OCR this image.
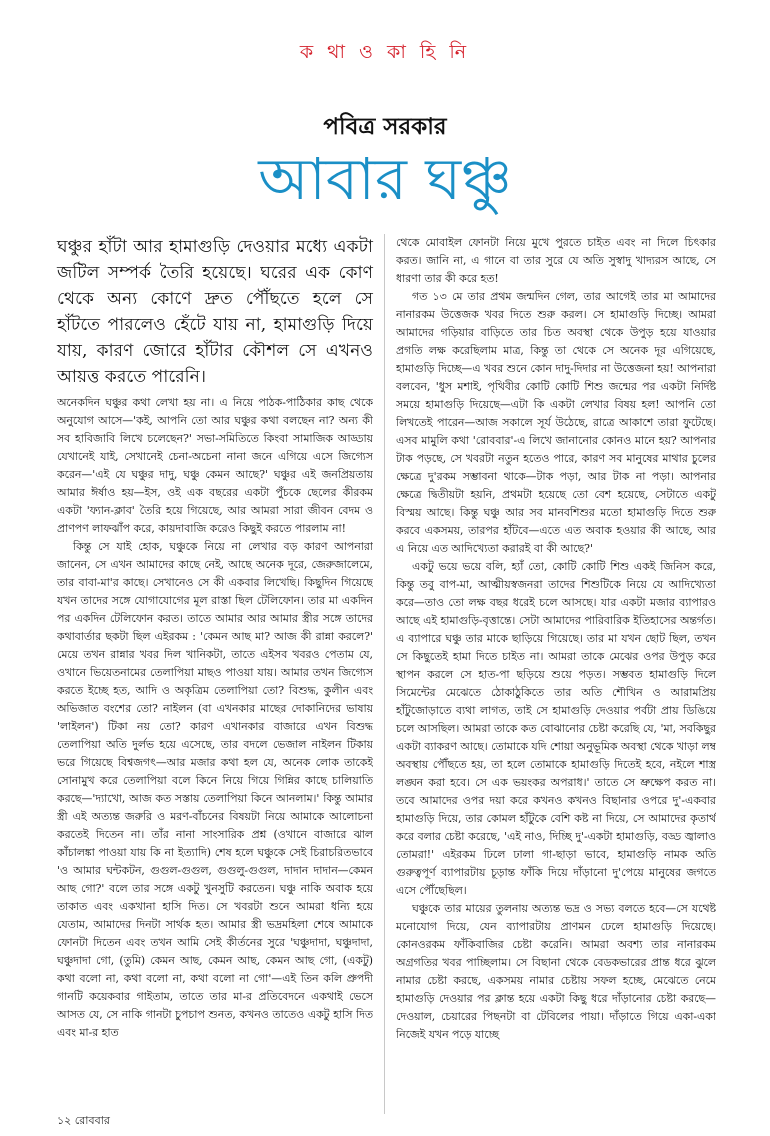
ক থা ও কা হি নি
পবিত্র সরকার
আবার ঘঞ্চু
ঘঞ্চুর হাঁটা আর হামাগুড়ি দেওয়ার মধ্যে একটা জটিল সম্পর্ক তৈরি হয়েছে। ঘরের এক কোণ থেকে অন্য কোণে দ্রুত পৌঁছতে হলে সে হাঁটতে পারলেও হেঁটে যায় না, হামাগুড়ি দিয়ে যায়, কারণ জোরে হাঁটার কৌশল সে এখনও আয়ত্ত করতে পারেনি।

অনেকদিন ঘঞ্চুর কথা লেখা হয় না। এ নিয়ে পাঠক-পাঠিকার কাছ থেকে অনুযোগ আসে—'কই, আপনি তো আর ঘঞ্চুর কথা বলছেন না? অন্য কী সব হাবিজাবি লিখে চলেছেন?' সভা-সমিতিতে কিংবা সামাজিক আড্ডায় যেখানেই যাই, সেখানেই চেনা-অচেনা নানা জনে এগিয়ে এসে জিগ্যেস করেন—'এই যে ঘঞ্চুর দাদু, ঘঞ্চু কেমন আছে?' ঘঞ্চুর এই জনপ্রিয়তায় আমার ঈর্ষাও হয়—ইস, ওই এক বছরের একটা পুঁচকে ছেলের কীরকম একটা 'ফ্যান-ক্লাব' তৈরি হয়ে গিয়েছে, আর আমরা সারা জীবন বেদম ও প্রাণপণ লাফঝাঁপ করে, কায়দাবাজি করেও কিছুই করতে পারলাম না!

কিন্তু সে যাই হোক, ঘঞ্চুকে নিয়ে না লেখার বড় কারণ আপনারা জানেন, সে এখন আমাদের কাছে নেই, আছে অনেক দূরে, জেরুজালেমে, তার বাবা-মা'র কাছে। সেখানেও সে কী একবার লিখেছি। কিছুদিন গিয়েছে যখন তাদের সঙ্গে যোগাযোগের মূল রাস্তা ছিল টেলিফোন। তার মা একদিন পর একদিন টেলিফোন করত। তাতে আমার আর আমার স্ত্রীর সঙ্গে তাদের কথাবার্তার ছকটা ছিল এইরকম : 'কেমন আছ মা? আজ কী রান্না করলে?' মেয়ে তখন রান্নার খবর দিল খানিকটা, তাতে এইসব খবরও পেতাম যে, ওখানে ভিয়েতনামের তেলাপিয়া মাছও পাওয়া যায়। আমার তখন জিগ্যেস করতে ইচ্ছে হত, আদি ও অকৃত্রিম তেলাপিয়া তো? বিশুদ্ধ, কুলীন এবং অভিজাত বংশের তো? নাইলন (বা এখনকার মাছের দোকানিদের ভাষায় 'লাইলন') টিকা নয় তো? কারণ এখানকার বাজারে এখন বিশুদ্ধ তেলাপিয়া অতি দুর্লভ হয়ে এসেছে, তার বদলে ভেজাল নাইলন টিকায় ভরে গিয়েছে বিশ্বজগৎ—আর মজার কথা হল যে, অনেক লোক তাকেই সোনামুখ করে তেলাপিয়া বলে কিনে নিয়ে গিয়ে গিন্নির কাছে চালিয়াতি করছে—'দ্যাখো, আজ কত সস্তায় তেলাপিয়া কিনে আনলাম।' কিন্তু আমার স্ত্রী এই অত্যন্ত জরুরি ও মরণ-বাঁচনের বিষয়টা নিয়ে আমাকে আলোচনা করতেই দিতেন না। তাঁর নানা সাংসারিক প্রশ্ন (ওখানে বাজারে ঝাল কাঁচালঙ্কা পাওয়া যায় কি না ইত্যাদি) শেষ হলে ঘঞ্চুকে সেই চিরাচরিতভাবে 'ও আমার ঘন্টকটন, গুগুল-গুগুল, গুগুলু-গুগুল, দাদান দাদান—কেমন আছ গো?' বলে তার সঙ্গে একটু খুনসুটি করতেন। ঘঞ্চু নাকি অবাক হয়ে তাকাত এবং একখানা হাসি দিত। সে খবরটা শুনে আমরা ধন্যি হয়ে যেতাম, আমাদের দিনটা সার্থক হত। আমার স্ত্রী ভদ্রমহিলা শেষে আমাকে ফোনটা দিতেন এবং তখন আমি সেই কীর্তনের সুরে 'ঘঞ্চুদাদা, ঘঞ্চুদাদা, ঘঞ্চুদাদা গো, (তুমি) কেমন আছ, কেমন আছ, কেমন আছ গো, (একটু) কথা বলো না, কথা বলো না, কথা বলো না গো'—এই তিন কলি প্রুপদী গানটি কয়েকবার গাইতাম, তাতে তার মা-র প্রতিবেদনে একথাই ভেসে আসত যে, সে নাকি গানটা চুপচাপ শুনত, কখনও তাতেও একটু হাসি দিত এবং মা-র হাত

থেকে মোবাইল ফোনটা নিয়ে মুখে পুরতে চাইত এবং না দিলে চিৎকার করত। জানি না, এ গানে বা তার সুরে যে অতি সুস্বাদু খাদ্যরস আছে, সে ধারণা তার কী করে হত!

গত ১৩ মে তার প্রথম জন্মদিন গেল, তার আগেই তার মা আমাদের নানারকম উত্তেজক খবর দিতে শুরু করল। সে হামাগুড়ি দিচ্ছে। আমরা আমাদের গড়িয়ার বাড়িতে তার চিত অবস্থা থেকে উপুড় হয়ে যাওয়ার প্রগতি লক্ষ করেছিলাম মাত্র, কিন্তু তা থেকে সে অনেক দূর এগিয়েছে, হামাগুড়ি দিচ্ছে—এ খবর শুনে কোন দাদু-দিদার না উত্তেজনা হয়! আপনারা বলবেন, 'ধুস মশাই, পৃথিবীর কোটি কোটি শিশু জন্মের পর একটা নির্দিষ্ট সময়ে হামাগুড়ি দিয়েছে—এটা কি একটা লেখার বিষয় হল! আপনি তো লিখতেই পারেন—আজ সকালে সূর্য উঠেছে, রাত্রে আকাশে তারা ফুটেছে। এসব মামুলি কথা 'রোববার'-এ লিখে জানানোর কোনও মানে হয়? আপনার টাক পড়ছে, সে খবরটা নতুন হতেও পারে, কারণ সব মানুষের মাথার চুলের ক্ষেত্রে দু'রকম সম্ভাবনা থাকে—টাক পড়া, আর টাক না পড়া। আপনার ক্ষেত্রে দ্বিতীয়টা হয়নি, প্রথমটা হয়েছে তো বেশ হয়েছে, সেটাতে একটু বিস্ময় আছে। কিন্তু ঘঞ্চু আর সব মানবশিশুর মতো হামাগুড়ি দিতে শুরু করবে একসময়, তারপর হাঁটবে—এতে এত অবাক হওয়ার কী আছে, আর এ নিয়ে এত আদিখ্যেতা করারই বা কী আছে?'

একটু ভয়ে ভয়ে বলি, হ্যাঁ তো, কোটি কোটি শিশু একই জিনিস করে, কিন্তু তবু বাপ-মা, আত্মীয়স্বজনরা তাদের শিশুটিকে নিয়ে যে আদিখ্যেতা করে—তাও তো লক্ষ বছর ধরেই চলে আসছে। যার একটা মজার ব্যাপারও আছে এই হামাগুড়ি-বৃত্তান্তে। সেটা আমাদের পারিবারিক ইতিহাসের অন্তর্গত। এ ব্যাপারে ঘঞ্চু তার মাকে ছাড়িয়ে গিয়েছে। তার মা যখন ছোট ছিল, তখন সে কিছুতেই হামা দিতে চাইত না। আমরা তাকে মেঝের ওপর উপুড় করে স্থাপন করলে সে হাত-পা ছড়িয়ে শুয়ে পড়ত। সম্ভবত হামাগুড়ি দিলে সিমেন্টের মেঝেতে ঠোকাঠুকিতে তার অতি শৌখিন ও আরামপ্রিয় হাঁটুজোড়াতে ব্যথা লাগত, তাই সে হামাগুড়ি দেওয়ার পর্বটা প্রায় ডিঙিয়ে চলে আসছিল। আমরা তাকে কত বোঝানোর চেষ্টা করেছি যে, 'মা, সবকিছুর একটা ব্যাকরণ আছে। তোমাকে যদি শোয়া অনুভূমিক অবস্থা থেকে খাড়া লম্ব অবস্থায় পৌঁছতে হয়, তা হলে তোমাকে হামাগুড়ি দিতেই হবে, নইলে শাস্ত্র লঙ্ঘন করা হবে। সে এক ভয়ংকর অপরাধ।' তাতে সে ভ্রুক্ষেপ করত না। তবে আমাদের ওপর দয়া করে কখনও কখনও বিছানার ওপরে দু'-একবার হামাগুড়ি দিয়ে, তার কোমল হাঁটুকে বেশি কষ্ট না দিয়ে, সে আমাদের কৃতার্থ করে বলার চেষ্টা করেছে, 'এই নাও, দিচ্ছি দু'-একটা হামাগুড়ি, বড্ড জ্বালাও তোমরা!' এইরকম ঢিলে ঢালা গা-ছাড়া ভাবে, হামাগুড়ি নামক অতি গুরুত্বপূর্ণ ব্যাপারটায় চূড়ান্ত ফাঁকি দিয়ে দাঁড়ানো দু'পেয়ে মানুষের জগতে এসে পৌঁছেছিল।

ঘঞ্চুকে তার মায়ের তুলনায় অত্যন্ত ভদ্র ও সভ্য বলতে হবে—সে যথেষ্ট মনোযোগ দিয়ে, যেন ব্যাপারটায় প্রাণমন ঢেলে হামাগুড়ি দিয়েছে। কোনওরকম ফাঁকিবাজির চেষ্টা করেনি। আমরা অবশ্য তার নানারকম অগ্রগতির খবর পাচ্ছিলাম। সে বিছানা থেকে বেডকভারের প্রান্ত ধরে ঝুলে নামার চেষ্টা করছে, একসময় নামার চেষ্টায় সফল হচ্ছে, মেঝেতে নেমে হামাগুড়ি দেওয়ার পর ক্লান্ত হয়ে একটা কিছু ধরে দাঁড়ানোর চেষ্টা করছে—দেওয়াল, চেয়ারের পিছনটা বা টেবিলের পায়া। দাঁড়াতে গিয়ে একা-একা নিজেই যখন পড়ে যাচ্ছে

১২ রোববার
